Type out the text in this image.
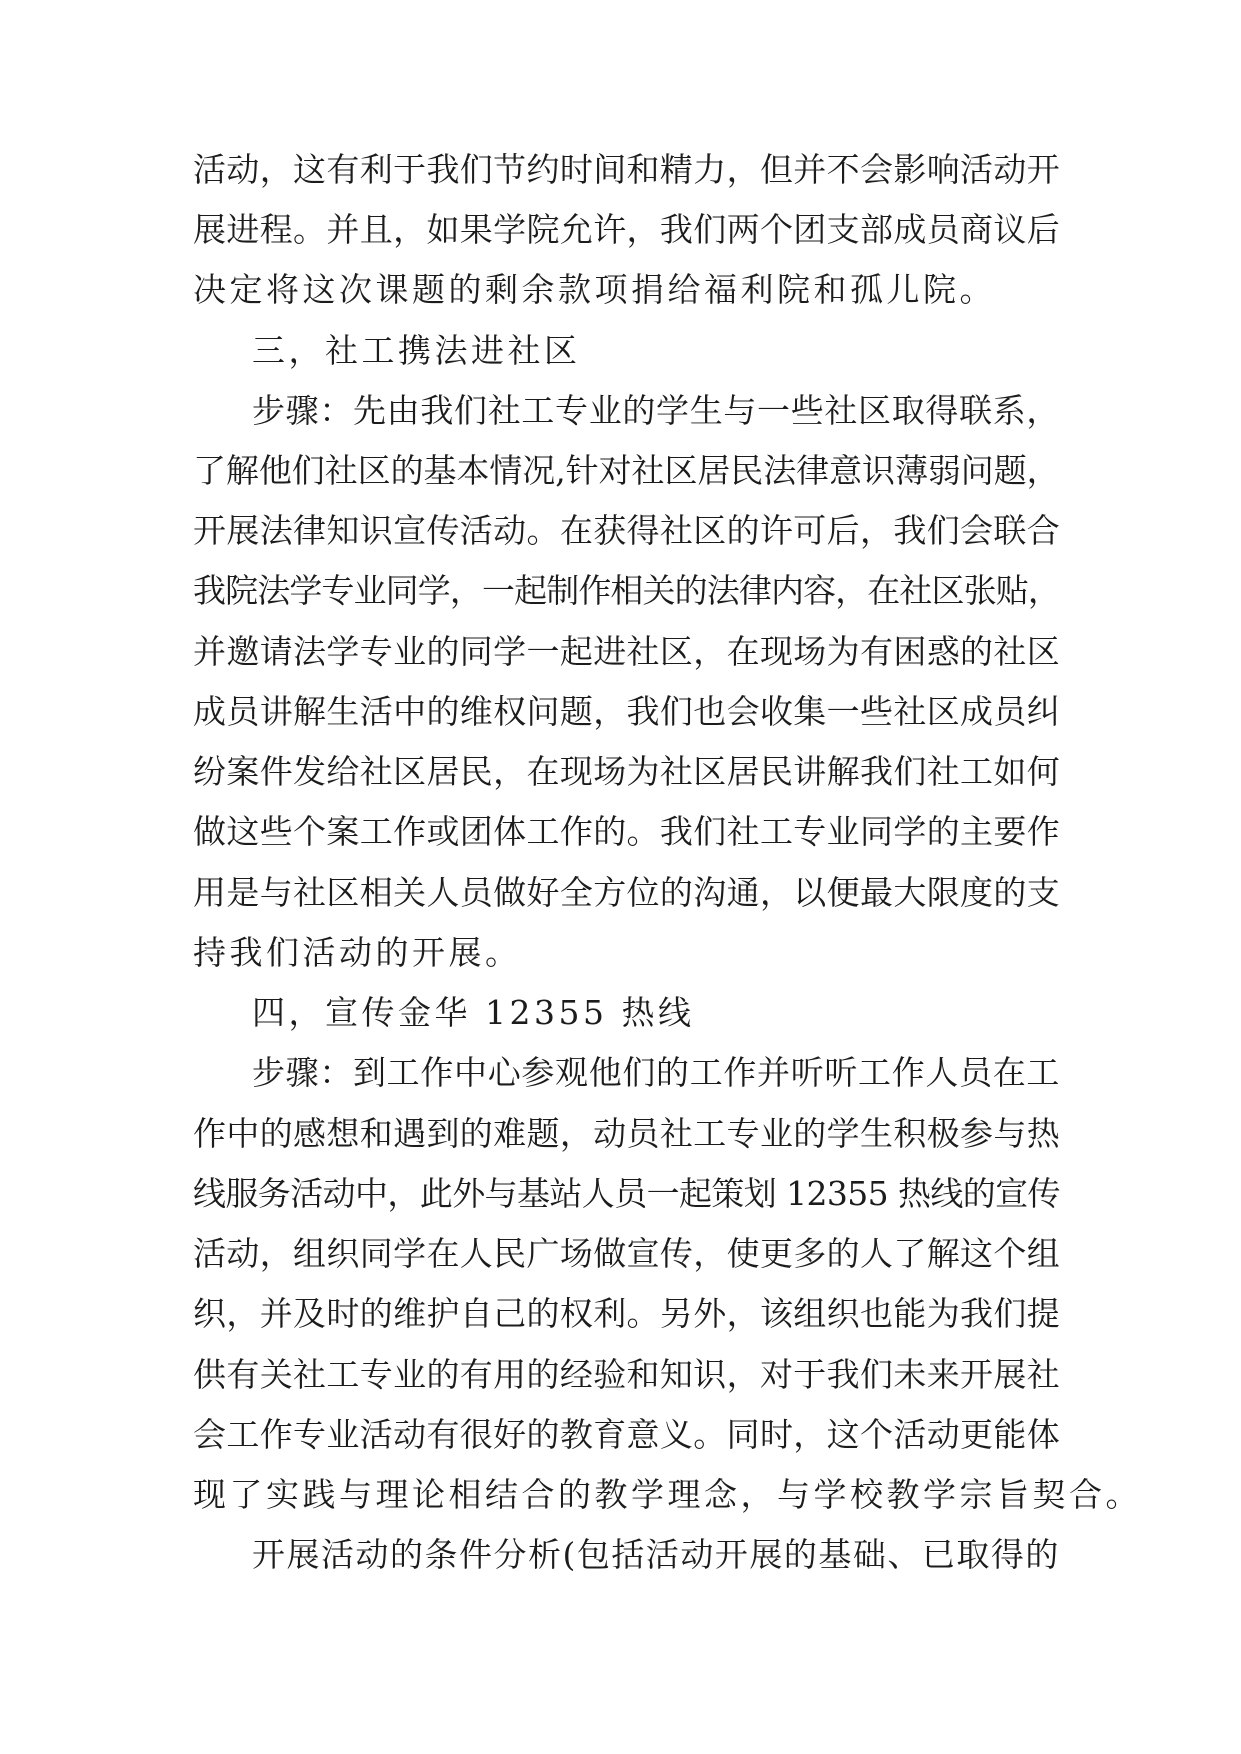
活动，这有利于我们节约时间和精力，但并不会影响活动开
展进程。并且，如果学院允许，我们两个团支部成员商议后
决定将这次课题的剩余款项捐给福利院和孤儿院。
三，社工携法进社区
步骤：先由我们社工专业的学生与一些社区取得联系，
了解他们社区的基本情况,针对社区居民法律意识薄弱问题，
开展法律知识宣传活动。在获得社区的许可后，我们会联合
我院法学专业同学，一起制作相关的法律内容，在社区张贴，
并邀请法学专业的同学一起进社区，在现场为有困惑的社区
成员讲解生活中的维权问题，我们也会收集一些社区成员纠
纷案件发给社区居民，在现场为社区居民讲解我们社工如何
做这些个案工作或团体工作的。我们社工专业同学的主要作
用是与社区相关人员做好全方位的沟通，以便最大限度的支
持我们活动的开展。
四，宣传金华 12355 热线
步骤：到工作中心参观他们的工作并听听工作人员在工
作中的感想和遇到的难题，动员社工专业的学生积极参与热
线服务活动中，此外与基站人员一起策划 12355 热线的宣传
活动，组织同学在人民广场做宣传，使更多的人了解这个组
织，并及时的维护自己的权利。另外，该组织也能为我们提
供有关社工专业的有用的经验和知识，对于我们未来开展社
会工作专业活动有很好的教育意义。同时，这个活动更能体
现了实践与理论相结合的教学理念，与学校教学宗旨契合。
开展活动的条件分析(包括活动开展的基础、已取得的
